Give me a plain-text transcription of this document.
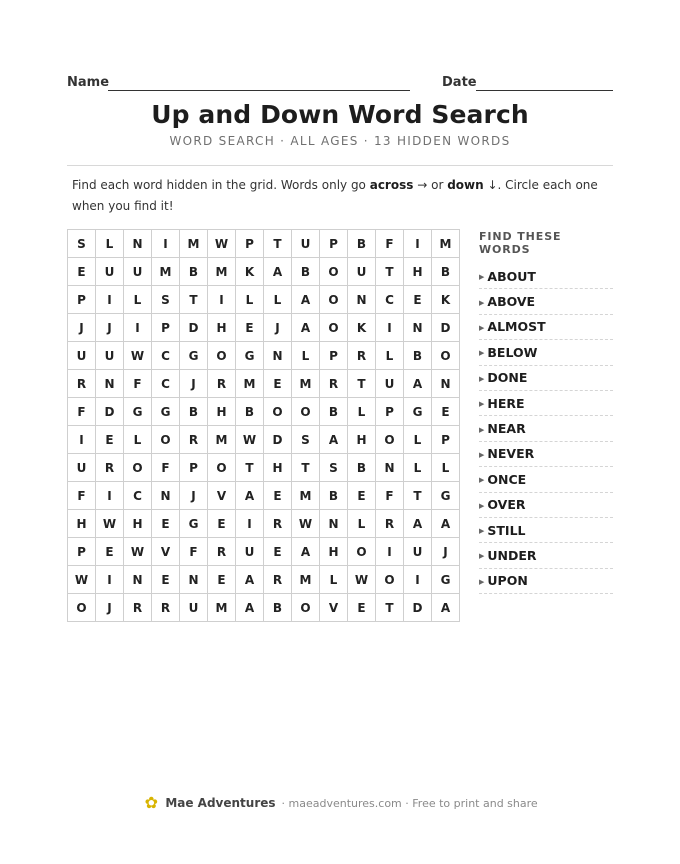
Name	Date
Up and Down Word Search
WORD SEARCH · ALL AGES · 13 HIDDEN WORDS

Find each word hidden in the grid. Words only go across → or down ↓. Circle each one when you find it!

S	L	N	I	M	W	P	T	U	P	B	F	I	M
E	U	U	M	B	M	K	A	B	O	U	T	H	B
P	I	L	S	T	I	L	L	A	O	N	C	E	K
J	J	I	P	D	H	E	J	A	O	K	I	N	D
U	U	W	C	G	O	G	N	L	P	R	L	B	O
R	N	F	C	J	R	M	E	M	R	T	U	A	N
F	D	G	G	B	H	B	O	O	B	L	P	G	E
I	E	L	O	R	M	W	D	S	A	H	O	L	P
U	R	O	F	P	O	T	H	T	S	B	N	L	L
F	I	C	N	J	V	A	E	M	B	E	F	T	G
H	W	H	E	G	E	I	R	W	N	L	R	A	A
P	E	W	V	F	R	U	E	A	H	O	I	U	J
W	I	N	E	N	E	A	R	M	L	W	O	I	G
O	J	R	R	U	M	A	B	O	V	E	T	D	A
FIND THESE WORDS
▶ ABOUT
▶ ABOVE
▶ ALMOST
▶ BELOW
▶ DONE
▶ HERE
▶ NEAR
▶ NEVER
▶ ONCE
▶ OVER
▶ STILL
▶ UNDER
▶ UPON
✿ Mae Adventures · maeadventures.com · Free to print and share
